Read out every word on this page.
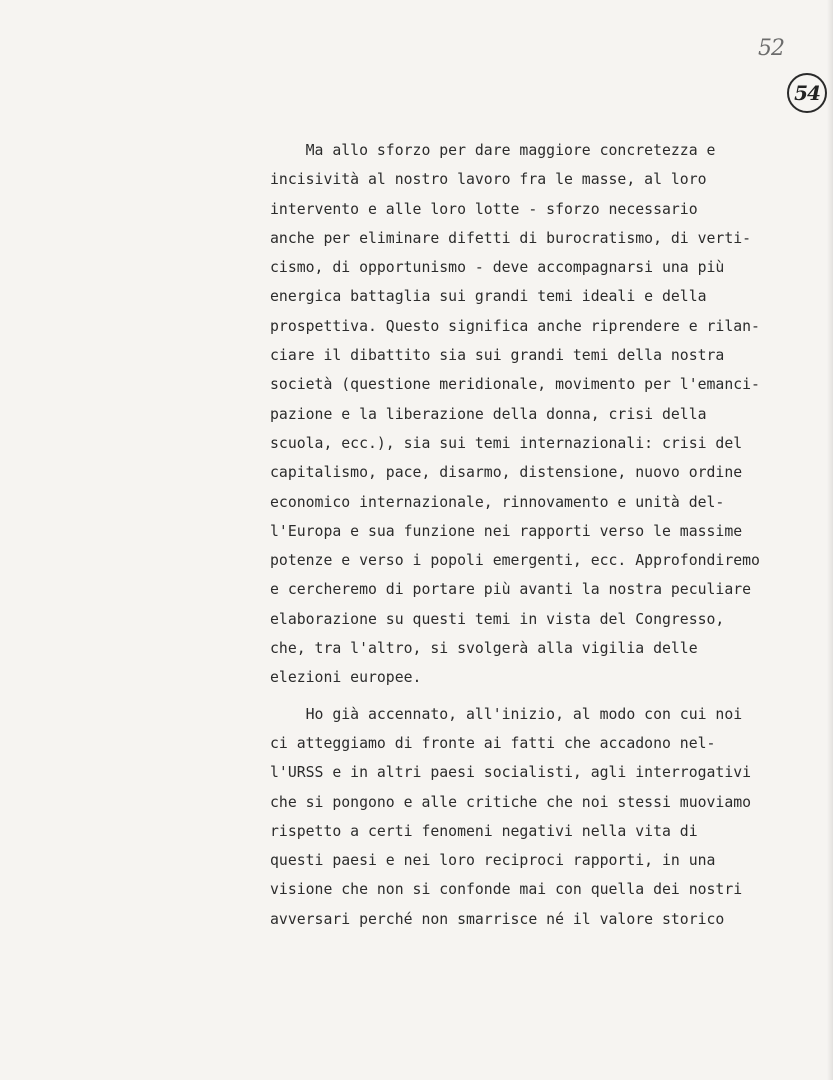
52
54
Ma allo sforzo per dare maggiore concretezza e
incisività al nostro lavoro fra le masse, al loro
intervento e alle loro lotte - sforzo necessario
anche per eliminare difetti di burocratismo, di verti-
cismo, di opportunismo - deve accompagnarsi una più
energica battaglia sui grandi temi ideali e della
prospettiva. Questo significa anche riprendere e rilan-
ciare il dibattito sia sui grandi temi della nostra
società (questione meridionale, movimento per l'emanci-
pazione e la liberazione della donna, crisi della
scuola, ecc.), sia sui temi internazionali: crisi del
capitalismo, pace, disarmo, distensione, nuovo ordine
economico internazionale, rinnovamento e unità del-
l'Europa e sua funzione nei rapporti verso le massime
potenze e verso i popoli emergenti, ecc. Approfondiremo
e cercheremo di portare più avanti la nostra peculiare
elaborazione su questi temi in vista del Congresso,
che, tra l'altro, si svolgerà alla vigilia delle
elezioni europee.
Ho già accennato, all'inizio, al modo con cui noi
ci atteggiamo di fronte ai fatti che accadono nel-
l'URSS e in altri paesi socialisti, agli interrogativi
che si pongono e alle critiche che noi stessi muoviamo
rispetto a certi fenomeni negativi nella vita di
questi paesi e nei loro reciproci rapporti, in una
visione che non si confonde mai con quella dei nostri
avversari perché non smarrisce né il valore storico
